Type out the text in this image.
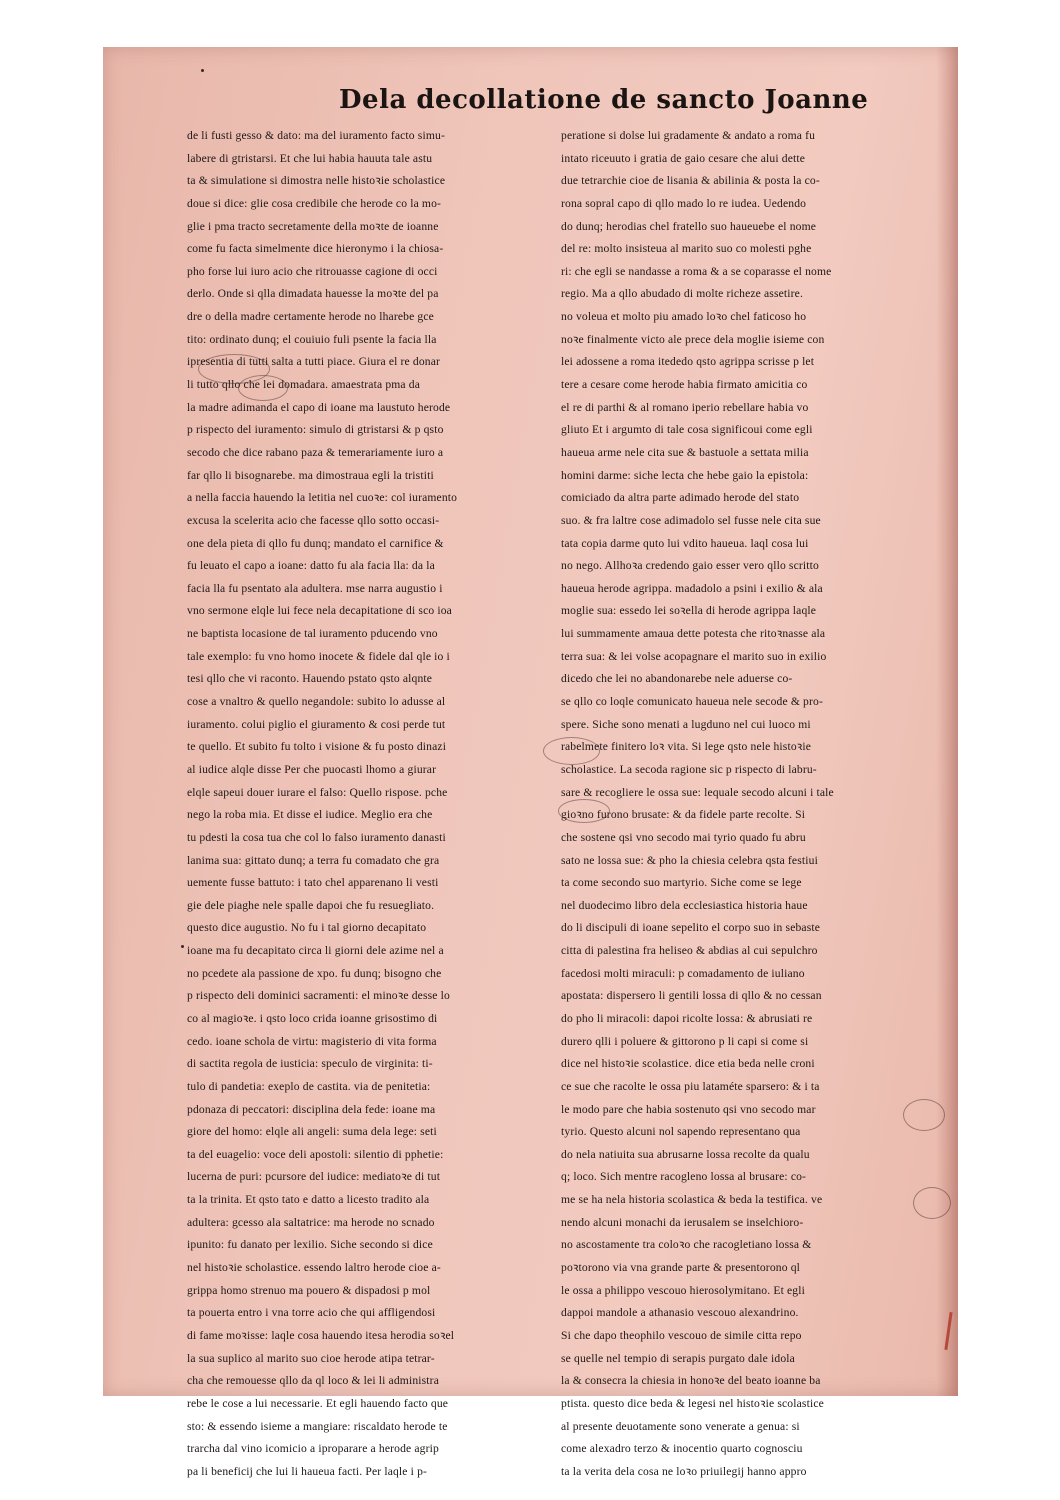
Dela decollatione de sancto Joanne
de li fusti gesso & dato: ma del iuramento facto simu-
labere di gtristarsi. Et che lui habia hauuta tale astu
ta & simulatione si dimostra nelle histoꝛie scholastice
doue si dice: glie cosa credibile che herode co la mo-
glie i pma tracto secretamente della moꝛte de ioanne
come fu facta simelmente dice hieronymo i la chiosa-
pho forse lui iuro acio che ritrouasse cagione di occi
derlo. Onde si qlla dimadata hauesse la moꝛte del pa
dre o della madre certamente herode no lharebe gce
tito: ordinato dunq; el couiuio fuli psente la facia lla
ipresentia di tutti salta a tutti piace. Giura el re donar
li tutto qllo che lei domadara. amaestrata pma da
la madre adimanda el capo di ioane ma laustuto herode
p rispecto del iuramento: simulo di gtristarsi & p qsto
secodo che dice rabano paza & temerariamente iuro a
far qllo li bisognarebe. ma dimostraua egli la tristiti
a nella faccia hauendo la letitia nel cuoꝛe: col iuramento
excusa la scelerita acio che facesse qllo sotto occasi-
one dela pieta di qllo fu dunq; mandato el carnifice &
fu leuato el capo a ioane: datto fu ala facia lla: da la
facia lla fu psentato ala adultera. mse narra augustio i
vno sermone elqle lui fece nela decapitatione di sco ioa
ne baptista locasione de tal iuramento pducendo vno
tale exemplo: fu vno homo inocete & fidele dal qle io i
tesi qllo che vi raconto. Hauendo pstato qsto alqnte
cose a vnaltro & quello negandole: subito lo adusse al
iuramento. colui piglio el giuramento & cosi perde tut
te quello. Et subito fu tolto i visione & fu posto dinazi
al iudice alqle disse Per che puocasti lhomo a giurar
elqle sapeui douer iurare el falso: Quello rispose. pche
nego la roba mia. Et disse el iudice. Meglio era che
tu pdesti la cosa tua che col lo falso iuramento danasti
lanima sua: gittato dunq; a terra fu comadato che gra
uemente fusse battuto: i tato chel apparenano li vesti
gie dele piaghe nele spalle dapoi che fu resuegliato.
questo dice augustio. No fu i tal giorno decapitato
ioane ma fu decapitato circa li giorni dele azime nel a
no pcedete ala passione de xpo. fu dunq; bisogno che
p rispecto deli dominici sacramenti: el minoꝛe desse lo
co al magioꝛe. i qsto loco crida ioanne grisostimo di
cedo. ioane schola de virtu: magisterio di vita forma
di sactita regola de iusticia: speculo de virginita: ti-
tulo di pandetia: exeplo de castita. via de penitetia:
pdonaza di peccatori: disciplina dela fede: ioane ma
giore del homo: elqle ali angeli: suma dela lege: seti
ta del euagelio: voce deli apostoli: silentio di pphetie:
lucerna de puri: pcursore del iudice: mediatoꝛe di tut
ta la trinita. Et qsto tato e datto a licesto tradito ala
adultera: gcesso ala saltatrice: ma herode no scnado
ipunito: fu danato per lexilio. Siche secondo si dice
nel histoꝛie scholastice. essendo laltro herode cioe a-
grippa homo strenuo ma pouero & dispadosi p mol
ta pouerta entro i vna torre acio che qui affligendosi
di fame moꝛisse: laqle cosa hauendo itesa herodia soꝛel
la sua suplico al marito suo cioe herode atipa tetrar-
cha che remouesse qllo da ql loco & lei li administra
rebe le cose a lui necessarie. Et egli hauendo facto que
sto: & essendo isieme a mangiare: riscaldato herode te
trarcha dal vino icomicio a iproparare a herode agrip
pa li beneficij che lui li haueua facti. Per laqle i p-
peratione si dolse lui gradamente & andato a roma fu
intato riceuuto i gratia de gaio cesare che alui dette
due tetrarchie cioe de lisania & abilinia & posta la co-
rona sopral capo di qllo mado lo re iudea. Uedendo
do dunq; herodias chel fratello suo haueuebe el nome
del re: molto insisteua al marito suo co molesti pghe
ri: che egli se nandasse a roma & a se coparasse el nome
regio. Ma a qllo abudado di molte richeze assetire.
no voleua et molto piu amado loꝛo chel faticoso ho
noꝛe finalmente victo ale prece dela moglie isieme con
lei adossene a roma itededo qsto agrippa scrisse p let
tere a cesare come herode habia firmato amicitia co
el re di parthi & al romano iperio rebellare habia vo
gliuto Et i argumto di tale cosa significoui come egli
haueua arme nele cita sue & bastuole a settata milia
homini darme: siche lecta che hebe gaio la epistola:
comiciado da altra parte adimado herode del stato
suo. & fra laltre cose adimadolo sel fusse nele cita sue
tata copia darme quto lui vdito haueua. laql cosa lui
no nego. Allhoꝛa credendo gaio esser vero qllo scritto
haueua herode agrippa. madadolo a psini i exilio & ala
moglie sua: essedo lei soꝛella di herode agrippa laqle
lui summamente amaua dette potesta che ritoꝛnasse ala
terra sua: & lei volse acopagnare el marito suo in exilio
dicedo che lei no abandonarebe nele aduerse co-
se qllo co loqle comunicato haueua nele secode & pro-
spere. Siche sono menati a lugduno nel cui luoco mi
rabelmete finitero loꝛ vita. Si lege qsto nele histoꝛie
scholastice. La secoda ragione sic p rispecto di labru-
sare & recogliere le ossa sue: lequale secodo alcuni i tale
gioꝛno furono brusate: & da fidele parte recolte. Si
che sostene qsi vno secodo mai tyrio quado fu abru
sato ne lossa sue: & pho la chiesia celebra qsta festiui
ta come secondo suo martyrio. Siche come se lege
nel duodecimo libro dela ecclesiastica historia haue
do li discipuli di ioane sepelito el corpo suo in sebaste
citta di palestina fra heliseo & abdias al cui sepulchro
facedosi molti miraculi: p comadamento de iuliano
apostata: dispersero li gentili lossa di qllo & no cessan
do pho li miracoli: dapoi ricolte lossa: & abrusiati re
durero qlli i poluere & gittorono p li capi si come si
dice nel histoꝛie scolastice. dice etia beda nelle croni
ce sue che racolte le ossa piu lataméte sparsero: & i ta
le modo pare che habia sostenuto qsi vno secodo mar
tyrio. Questo alcuni nol sapendo representano qua
do nela natiuita sua abrusarne lossa recolte da qualu
q; loco. Sich mentre racogleno lossa al brusare: co-
me se ha nela historia scolastica & beda la testifica. ve
nendo alcuni monachi da ierusalem se inselchioro-
no ascostamente tra coloꝛo che racogletiano lossa &
poꝛtorono via vna grande parte & presentorono ql
le ossa a philippo vescouo hierosolymitano. Et egli
dappoi mandole a athanasio vescouo alexandrino.
Si che dapo theophilo vescouo de simile citta repo
se quelle nel tempio di serapis purgato dale idola
la & consecra la chiesia in honoꝛe del beato ioanne ba
ptista. questo dice beda & legesi nel histoꝛie scolastice
al presente deuotamente sono venerate a genua: si
come alexadro terzo & inocentio quarto cognosciu
ta la verita dela cosa ne loꝛo priuilegij hanno appro
